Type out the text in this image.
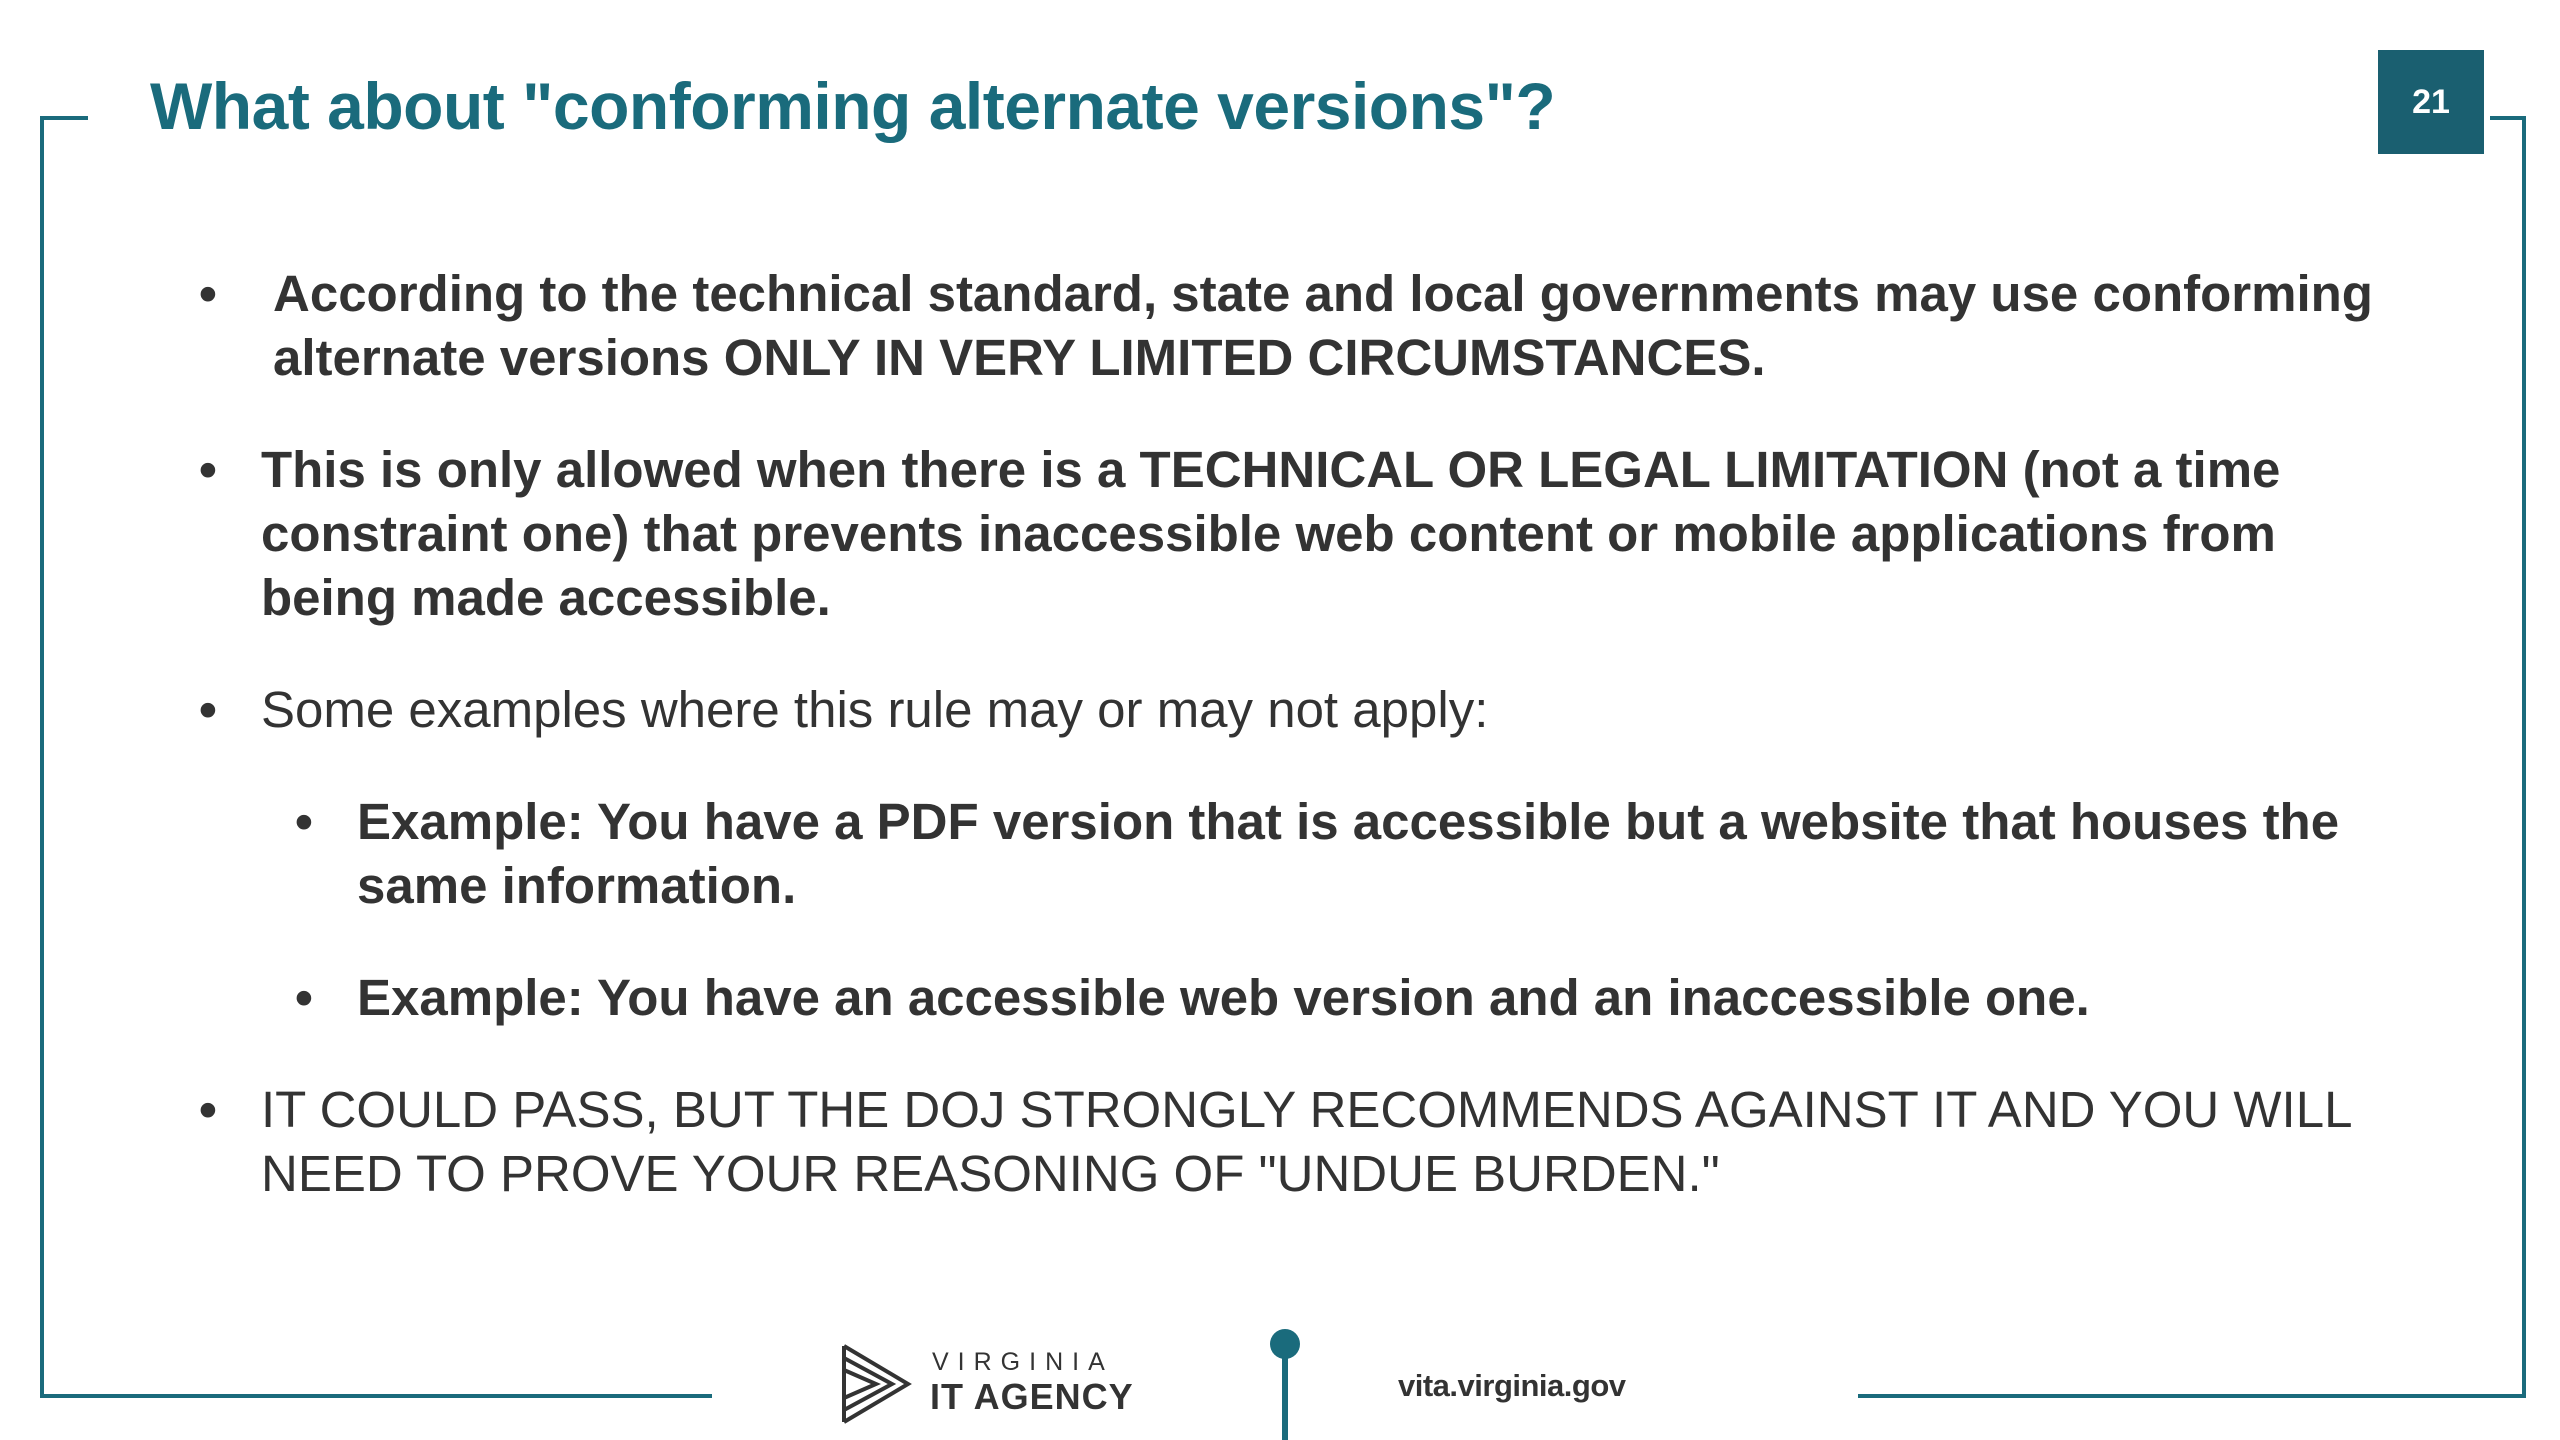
What about "conforming alternate versions"?	21
• According to the technical standard, state and local governments may use conforming alternate versions ONLY IN VERY LIMITED CIRCUMSTANCES.
• This is only allowed when there is a TECHNICAL OR LEGAL LIMITATION (not a time constraint one) that prevents inaccessible web content or mobile applications from being made accessible.
• Some examples where this rule may or may not apply:
• Example: You have a PDF version that is accessible but a website that houses the same information.
• Example: You have an accessible web version and an inaccessible one.
• IT COULD PASS, BUT THE DOJ STRONGLY RECOMMENDS AGAINST IT AND YOU WILL NEED TO PROVE YOUR REASONING OF "UNDUE BURDEN."
VIRGINIA
IT AGENCY	vita.virginia.gov
